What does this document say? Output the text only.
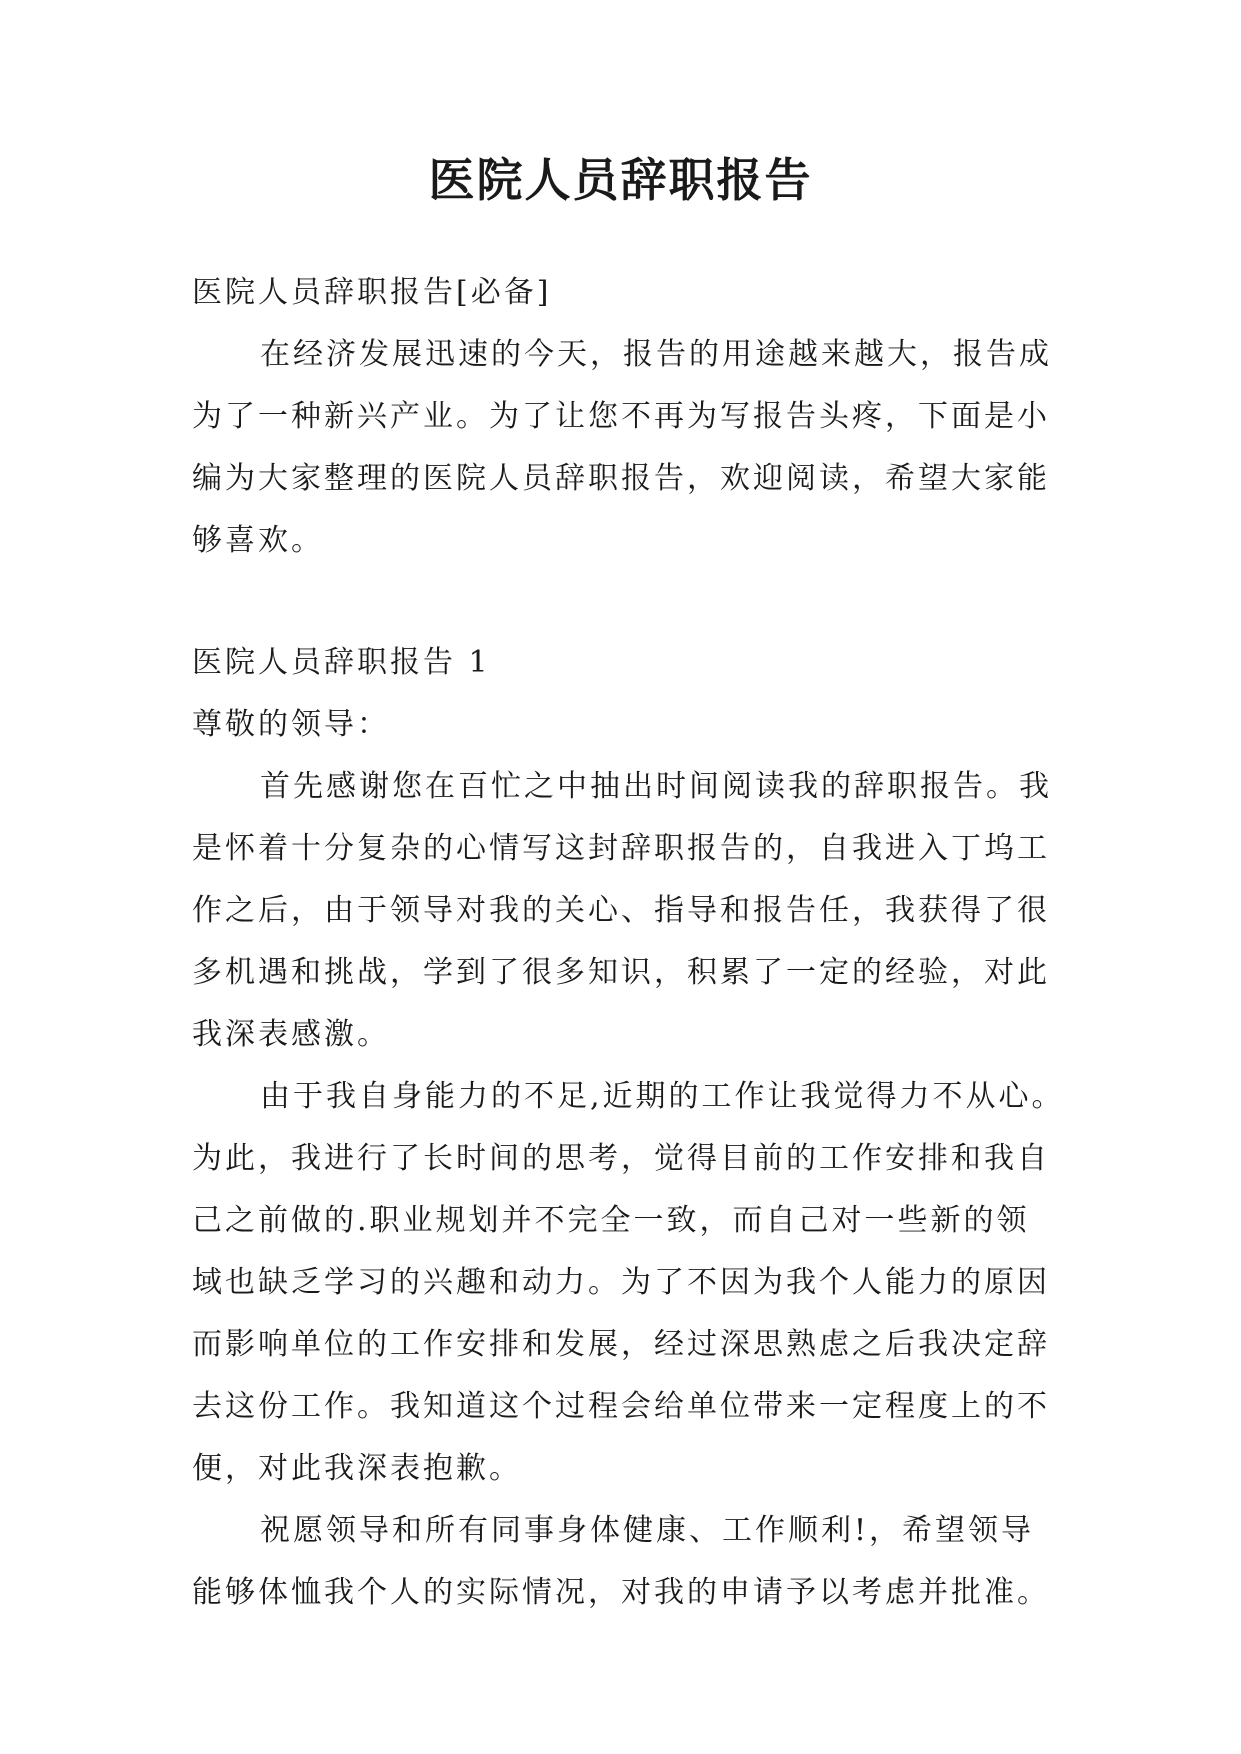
医院人员辞职报告
医院人员辞职报告[必备]
在经济发展迅速的今天，报告的用途越来越大，报告成
为了一种新兴产业。为了让您不再为写报告头疼，下面是小
编为大家整理的医院人员辞职报告，欢迎阅读，希望大家能
够喜欢。
医院人员辞职报告 1
尊敬的领导：
首先感谢您在百忙之中抽出时间阅读我的辞职报告。我
是怀着十分复杂的心情写这封辞职报告的，自我进入丁坞工
作之后，由于领导对我的关心、指导和报告任，我获得了很
多机遇和挑战，学到了很多知识，积累了一定的经验，对此
我深表感激。
由于我自身能力的不足,近期的工作让我觉得力不从心。
为此，我进行了长时间的思考，觉得目前的工作安排和我自
己之前做的.职业规划并不完全一致，而自己对一些新的领
域也缺乏学习的兴趣和动力。为了不因为我个人能力的原因
而影响单位的工作安排和发展，经过深思熟虑之后我决定辞
去这份工作。我知道这个过程会给单位带来一定程度上的不
便，对此我深表抱歉。
祝愿领导和所有同事身体健康、工作顺利!，希望领导
能够体恤我个人的实际情况，对我的申请予以考虑并批准。
